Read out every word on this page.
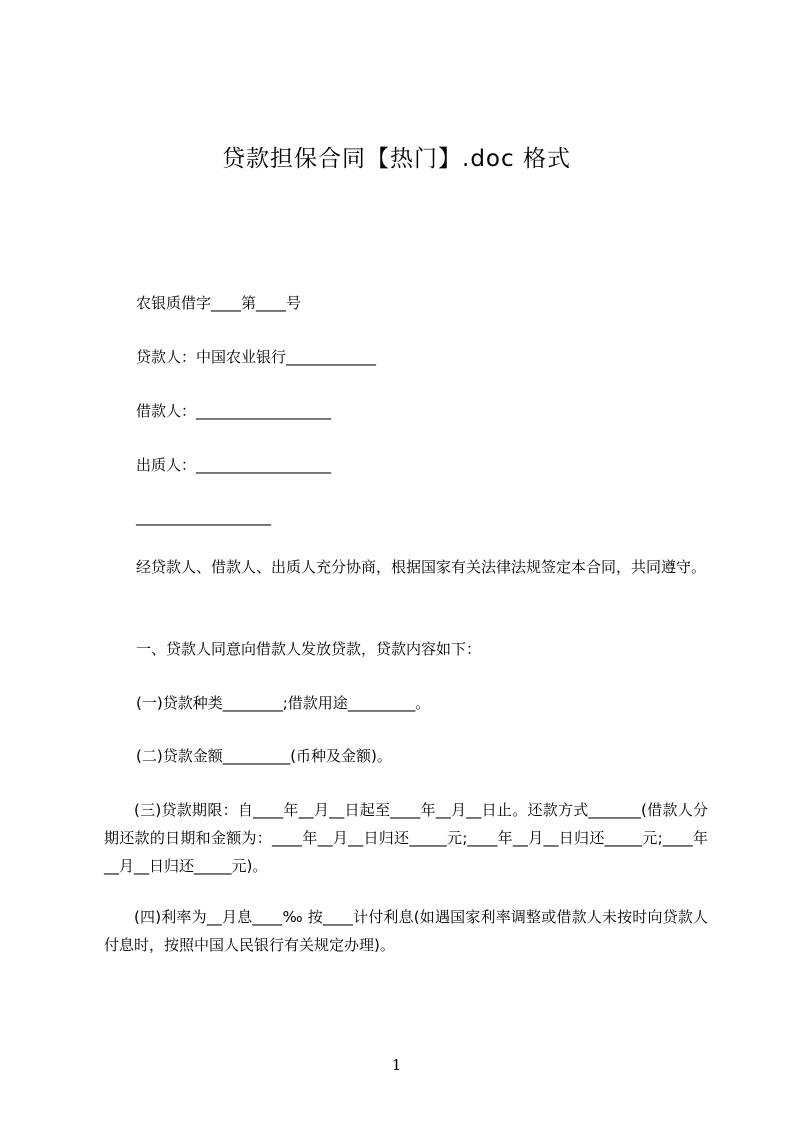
贷款担保合同【热门】.doc 格式
农银质借字____第____号
贷款人：中国农业银行____________
借款人：__________________
出质人：__________________
__________________

经贷款人、借款人、出质人充分协商，根据国家有关法律法规签定本合同，共同遵守。

一、贷款人同意向借款人发放贷款，贷款内容如下：
(一)贷款种类________;借款用途_________。
(二)贷款金额_________(币种及金额)。

(三)贷款期限：自____年__月__日起至____年__月__日止。还款方式_______(借款人分期还款的日期和金额为：____年__月__日归还_____元;____年__月__日归还_____元;____年__月__日归还_____元)。

(四)利率为__月息____‰ 按____计付利息(如遇国家利率调整或借款人未按时向贷款人付息时，按照中国人民银行有关规定办理)。

1
